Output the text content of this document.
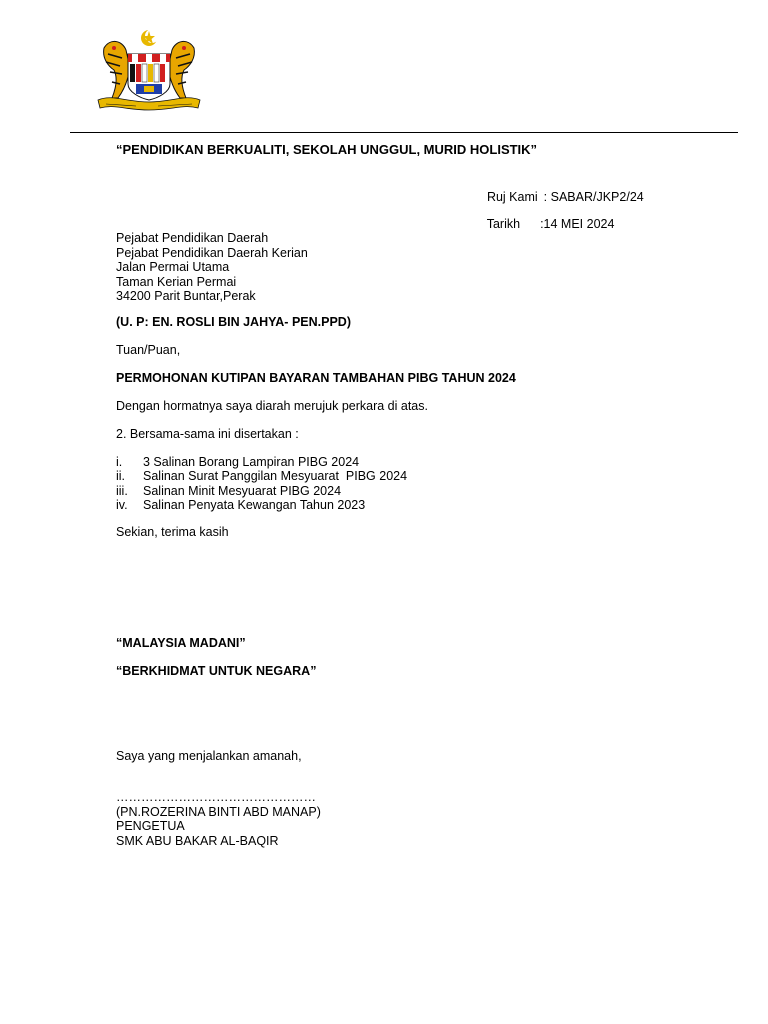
“PENDIDIKAN BERKUALITI, SEKOLAH UNGGUL, MURID HOLISTIK”

Ruj Kami : SABAR/JKP2/24

Tarikh :14 MEI 2024

Pejabat Pendidikan Daerah
Pejabat Pendidikan Daerah Kerian
Jalan Permai Utama
Taman Kerian Permai
34200 Parit Buntar,Perak
(U. P: EN. ROSLI BIN JAHYA- PEN.PPD)
Tuan/Puan,
PERMOHONAN KUTIPAN BAYARAN TAMBAHAN PIBG TAHUN 2024
Dengan hormatnya saya diarah merujuk perkara di atas.
2. Bersama-sama ini disertakan :
i.	3 Salinan Borang Lampiran PIBG 2024
ii.	Salinan Surat Panggilan Mesyuarat  PIBG 2024
iii.	Salinan Minit Mesyuarat PIBG 2024
iv.	Salinan Penyata Kewangan Tahun 2023
Sekian, terima kasih
“MALAYSIA MADANI”
“BERKHIDMAT UNTUK NEGARA”
Saya yang menjalankan amanah,
…………………………………………
(PN.ROZERINA BINTI ABD MANAP)
PENGETUA
SMK ABU BAKAR AL-BAQIR
